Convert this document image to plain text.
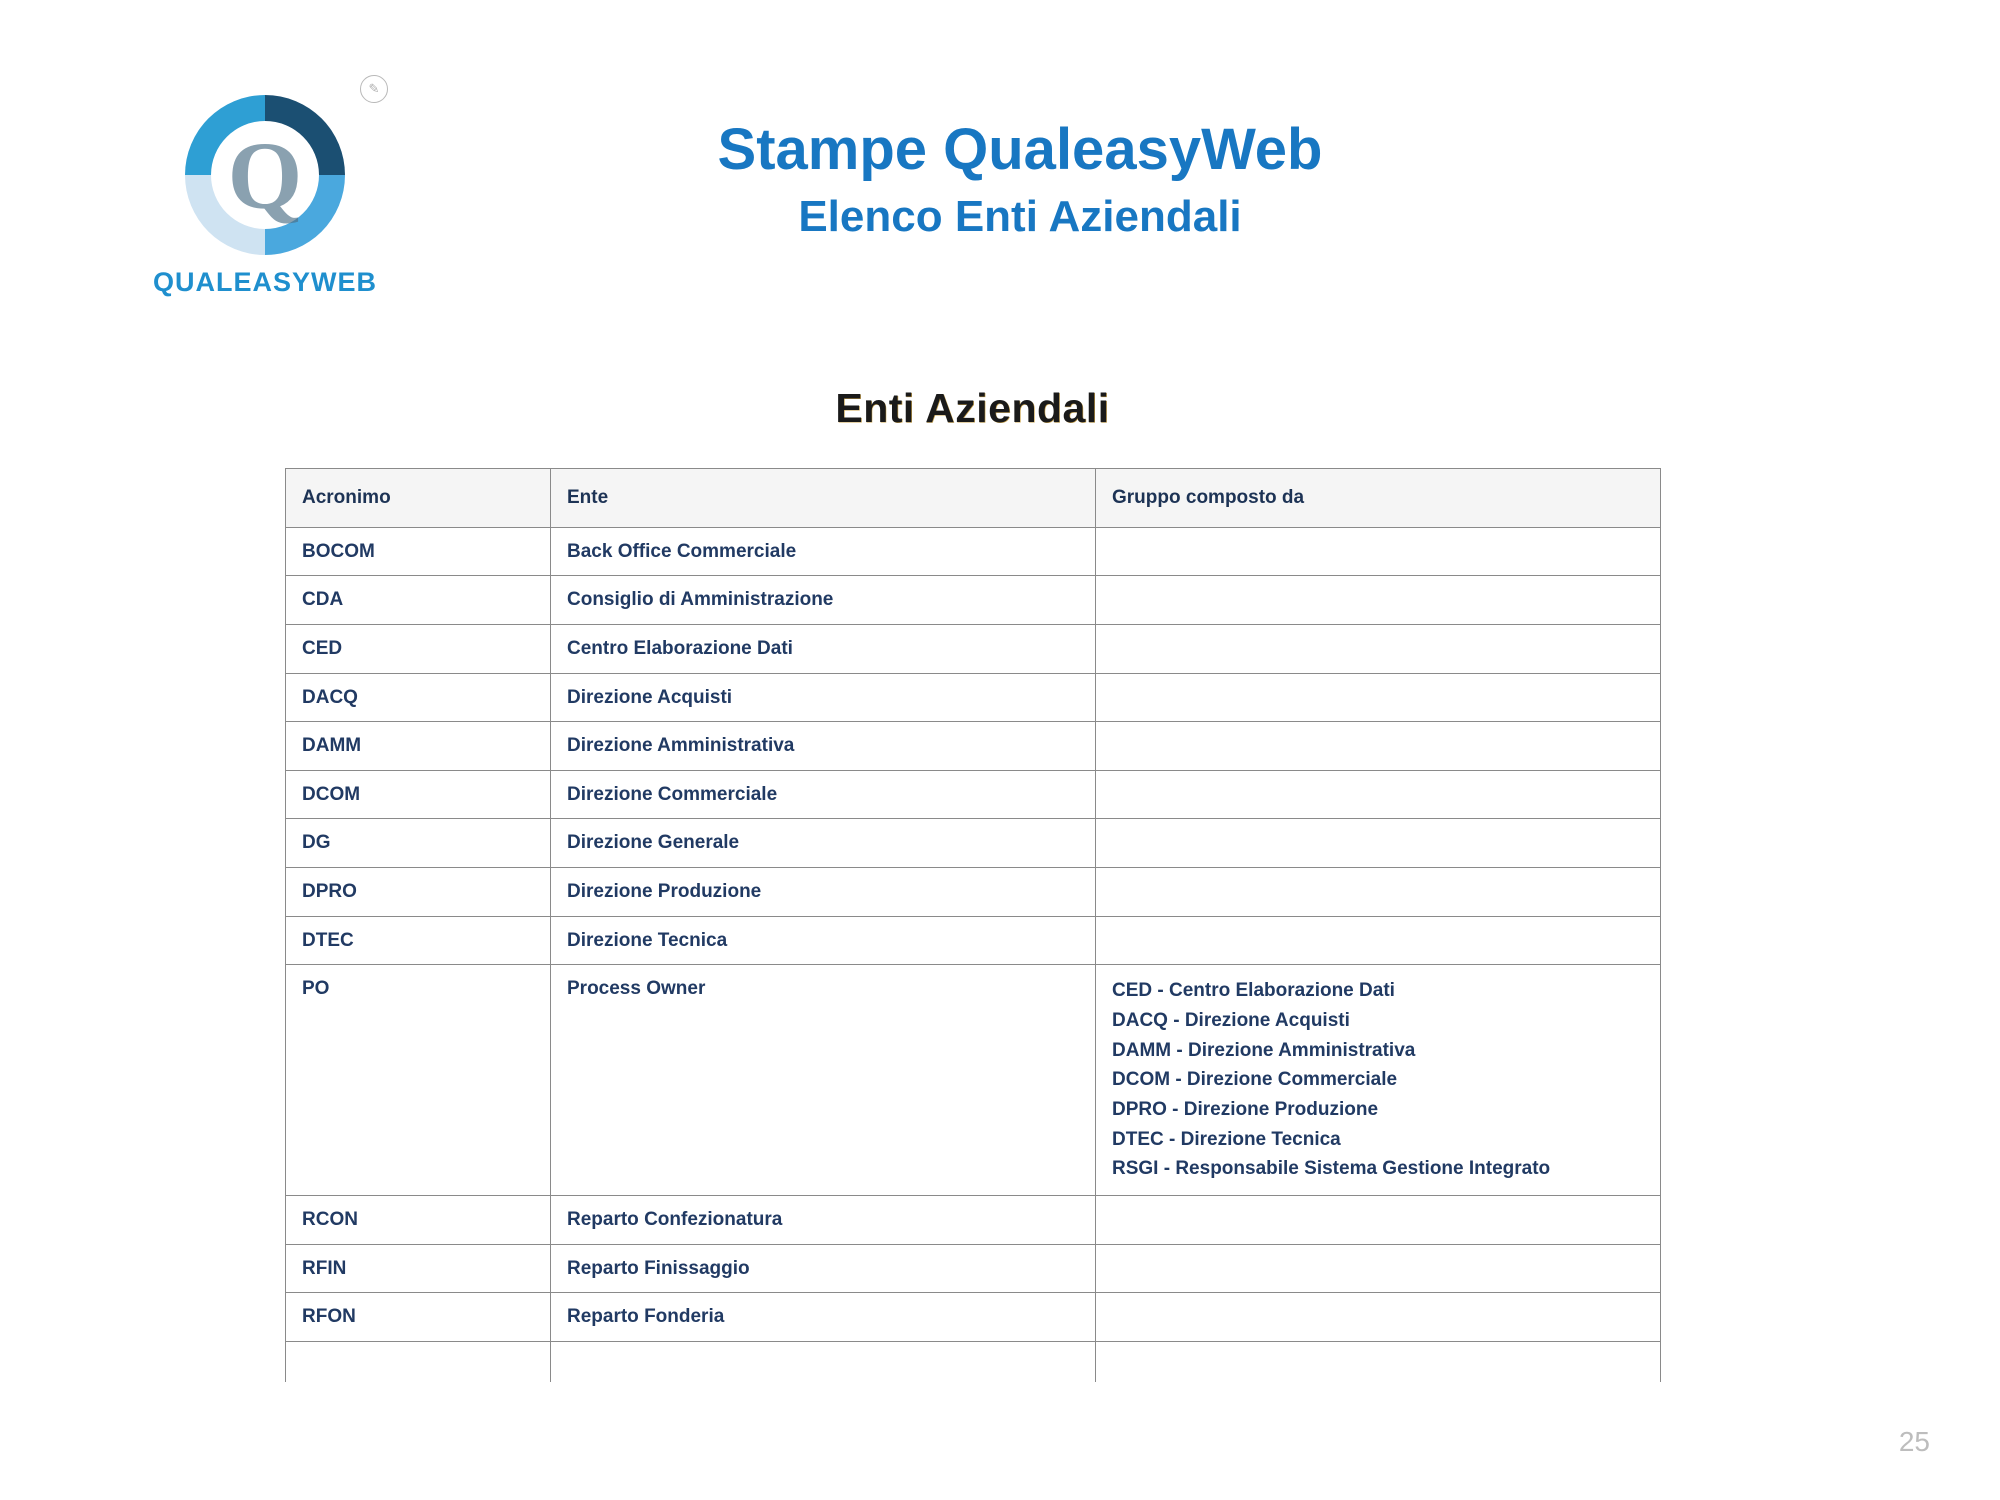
Q
✎
QUALEASYWEB
Stampe QualeasyWeb
Elenco Enti Aziendali
Enti Aziendali
Acronimo	Ente	Gruppo composto da
BOCOM	Back Office Commerciale	
CDA	Consiglio di Amministrazione	
CED	Centro Elaborazione Dati	
DACQ	Direzione Acquisti	
DAMM	Direzione Amministrativa	
DCOM	Direzione Commerciale	
DG	Direzione Generale	
DPRO	Direzione Produzione	
DTEC	Direzione Tecnica	
PO	Process Owner	CED - Centro Elaborazione Dati
DACQ - Direzione Acquisti
DAMM - Direzione Amministrativa
DCOM - Direzione Commerciale
DPRO - Direzione Produzione
DTEC - Direzione Tecnica
RSGI - Responsabile Sistema Gestione Integrato

RCON	Reparto Confezionatura	
RFIN	Reparto Finissaggio	
RFON	Reparto Fonderia	

25
